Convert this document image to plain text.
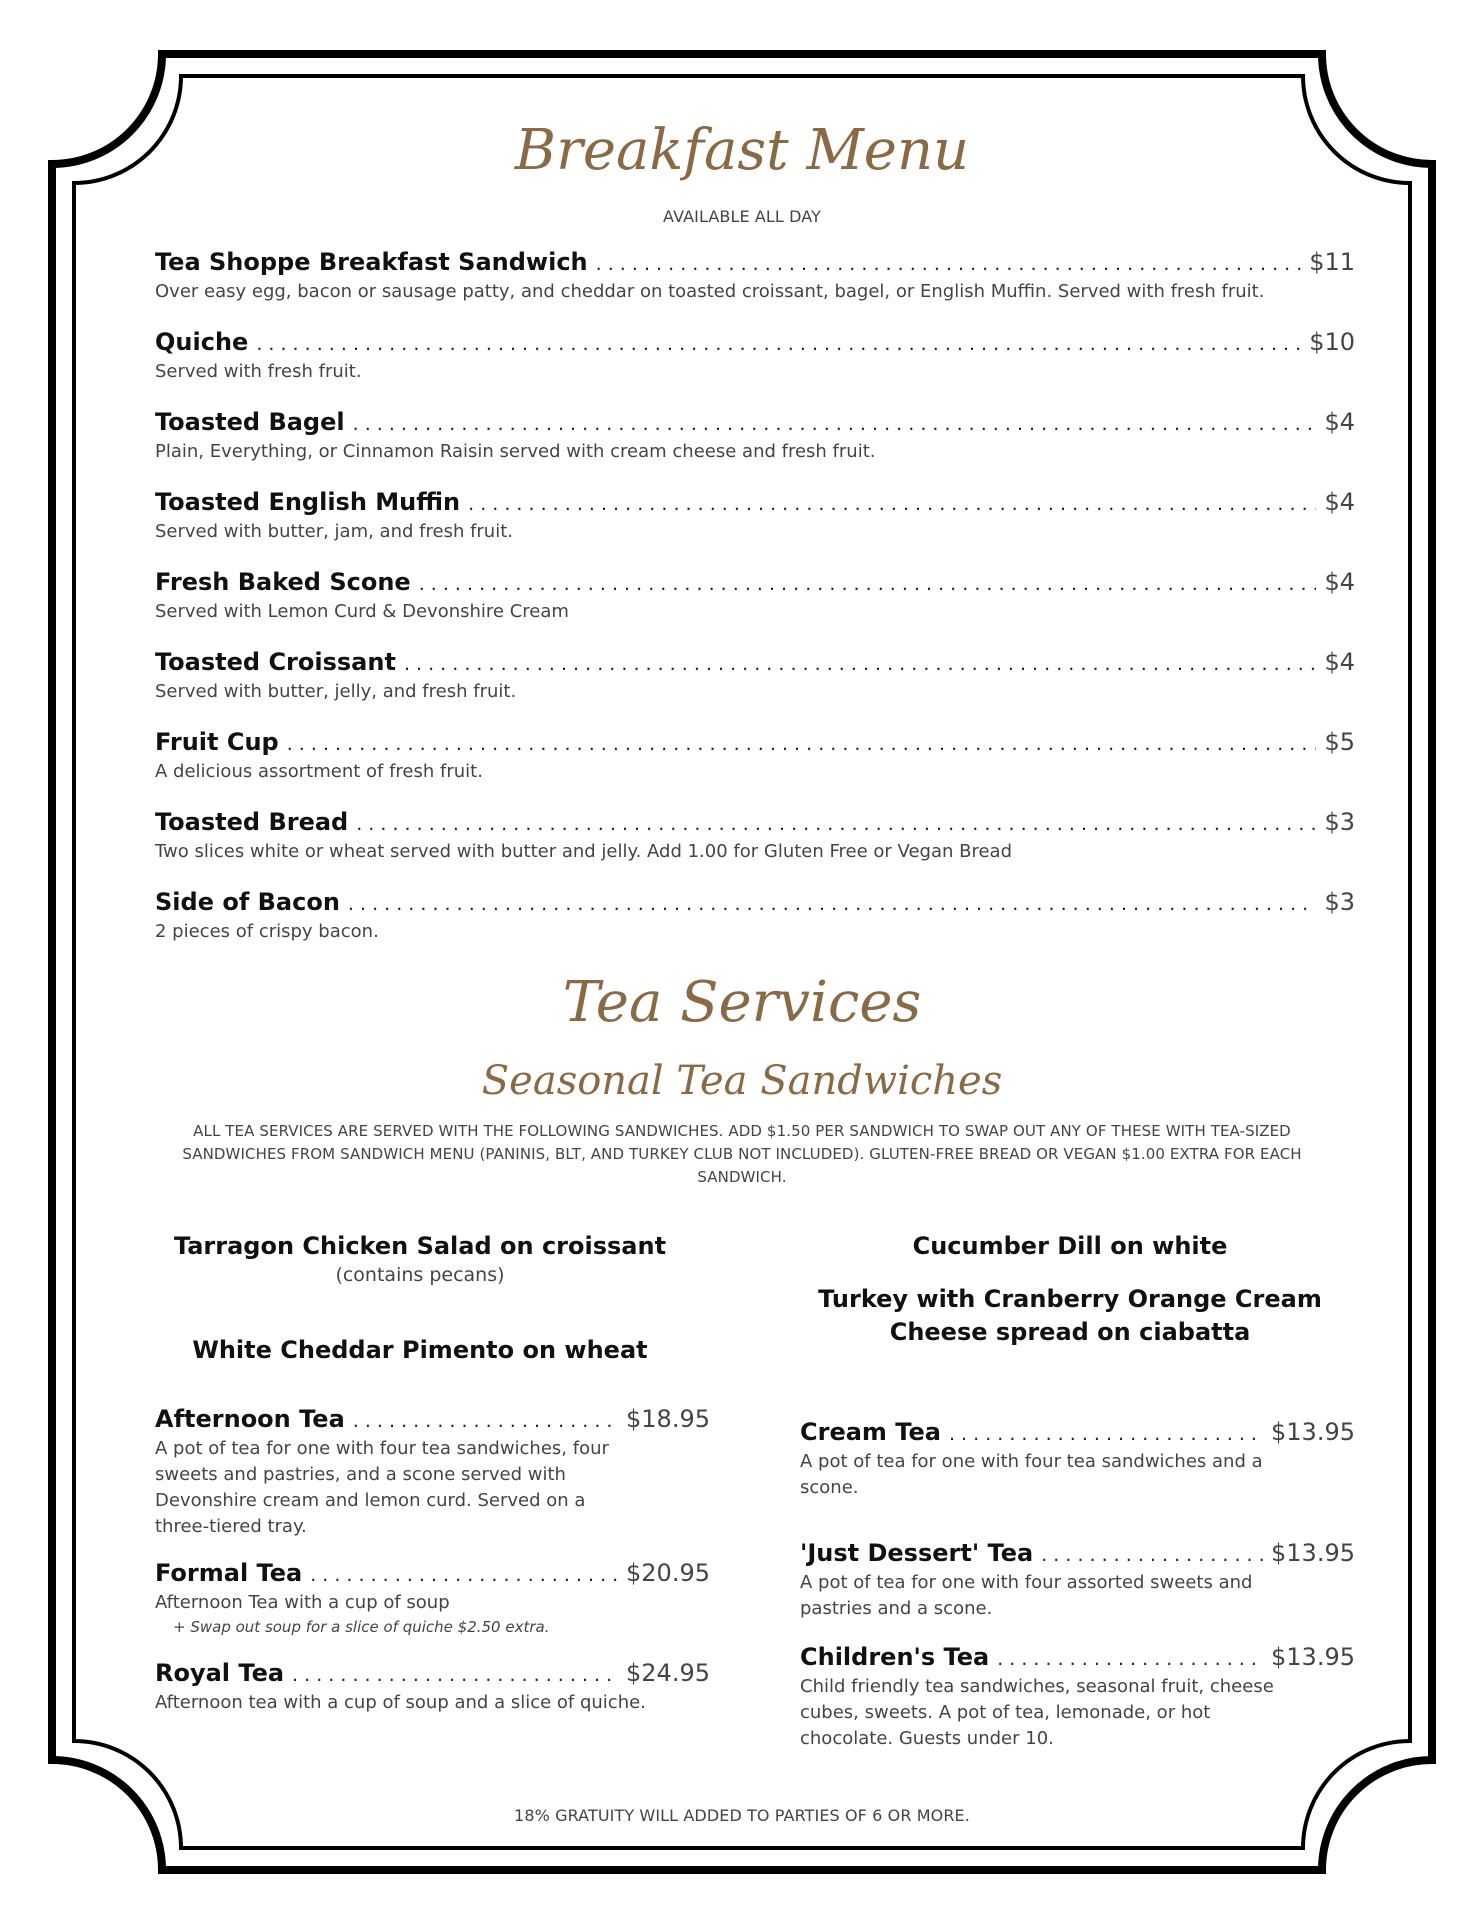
Breakfast Menu
AVAILABLE ALL DAY
Tea Shoppe Breakfast Sandwich . . .	$11
Over easy egg, bacon or sausage patty, and cheddar on toasted croissant, bagel, or English Muffin. Served with fresh fruit.
Quiche . . .	$10
Served with fresh fruit.
Toasted Bagel . . .	$4
Plain, Everything, or Cinnamon Raisin served with cream cheese and fresh fruit.
Toasted English Muffin . . .	$4
Served with butter, jam, and fresh fruit.
Fresh Baked Scone . . .	$4
Served with Lemon Curd & Devonshire Cream
Toasted Croissant . . .	$4
Served with butter, jelly, and fresh fruit.
Fruit Cup . . .	$5
A delicious assortment of fresh fruit.
Toasted Bread . . .	$3
Two slices white or wheat served with butter and jelly. Add 1.00 for Gluten Free or Vegan Bread
Side of Bacon . . .	$3
2 pieces of crispy bacon.
Tea Services
Seasonal Tea Sandwiches
ALL TEA SERVICES ARE SERVED WITH THE FOLLOWING SANDWICHES. ADD $1.50 PER SANDWICH TO SWAP OUT ANY OF THESE WITH TEA-SIZED SANDWICHES FROM SANDWICH MENU (PANINIS, BLT, AND TURKEY CLUB NOT INCLUDED). GLUTEN-FREE BREAD OR VEGAN $1.00 EXTRA FOR EACH SANDWICH.
Tarragon Chicken Salad on croissant
(contains pecans)
White Cheddar Pimento on wheat
Cucumber Dill on white
Turkey with Cranberry Orange Cream Cheese spread on ciabatta
Afternoon Tea . . .	$18.95
A pot of tea for one with four tea sandwiches, four sweets and pastries, and a scone served with Devonshire cream and lemon curd. Served on a three-tiered tray.
Formal Tea . . .	$20.95
Afternoon Tea with a cup of soup
+ Swap out soup for a slice of quiche $2.50 extra.
Royal Tea . . .	$24.95
Afternoon tea with a cup of soup and a slice of quiche.
Cream Tea . . .	$13.95
A pot of tea for one with four tea sandwiches and a scone.
'Just Dessert' Tea . . .	$13.95
A pot of tea for one with four assorted sweets and pastries and a scone.
Children's Tea . . .	$13.95
Child friendly tea sandwiches, seasonal fruit, cheese cubes, sweets. A pot of tea, lemonade, or hot chocolate. Guests under 10.
18% GRATUITY WILL ADDED TO PARTIES OF 6 OR MORE.
